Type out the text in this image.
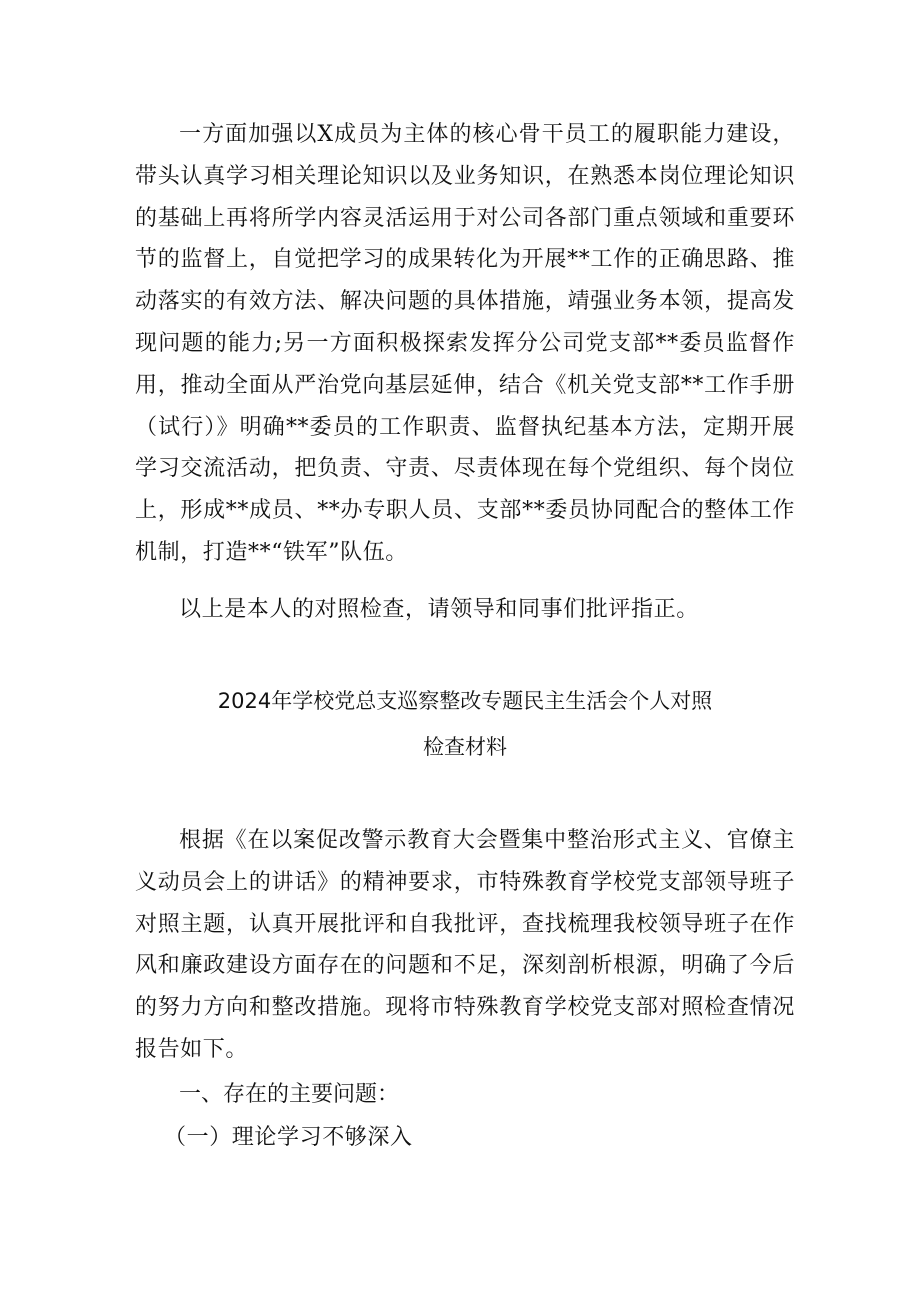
一方面加强以X成员为主体的核心骨干员工的履职能力建设，带头认真学习相关理论知识以及业务知识，在熟悉本岗位理论知识的基础上再将所学内容灵活运用于对公司各部门重点领域和重要环节的监督上，自觉把学习的成果转化为开展**工作的正确思路、推动落实的有效方法、解决问题的具体措施，靖强业务本领，提高发现问题的能力;另一方面积极探索发挥分公司党支部**委员监督作用，推动全面从严治党向基层延伸，结合《机关党支部**工作手册（试行）》明确**委员的工作职责、监督执纪基本方法，定期开展学习交流活动，把负责、守责、尽责体现在每个党组织、每个岗位上，形成**成员、**办专职人员、支部**委员协同配合的整体工作机制，打造**“铁军”队伍。

以上是本人的对照检查，请领导和同事们批评指正。

2024年学校党总支巡察整改专题民主生活会个人对照

检查材料

根据《在以案促改警示教育大会暨集中整治形式主义、官僚主义动员会上的讲话》的精神要求，市特殊教育学校党支部领导班子对照主题，认真开展批评和自我批评，查找梳理我校领导班子在作风和廉政建设方面存在的问题和不足，深刻剖析根源，明确了今后的努力方向和整改措施。现将市特殊教育学校党支部对照检查情况报告如下。

一、存在的主要问题：

（一）理论学习不够深入
